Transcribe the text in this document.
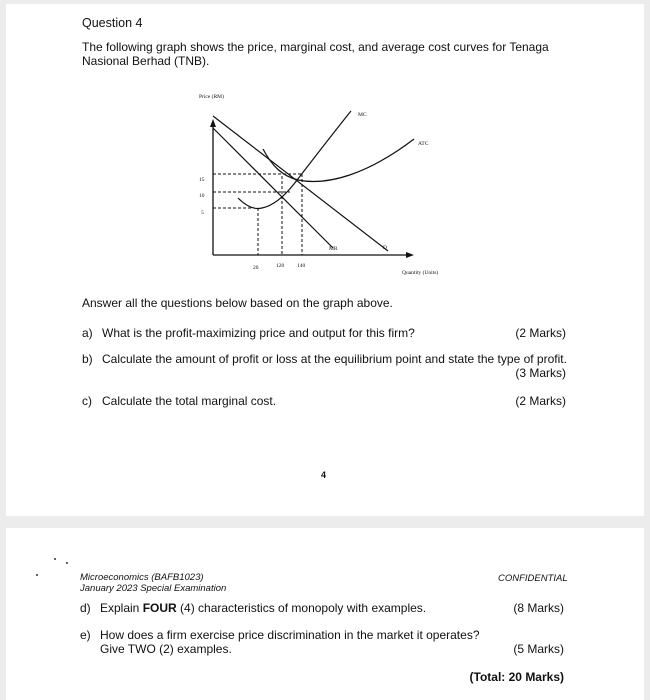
Question 4
The following graph shows the price, marginal cost, and average cost curves for Tenaga Nasional Berhad (TNB).
Price (RM)
Quantity (Units)
MC
ATC
MR	D
15
10
5
20	120 140
Answer all the questions below based on the graph above.
a) What is the profit-maximizing price and output for this firm?	(2 Marks)
b) Calculate the amount of profit or loss at the equilibrium point and state the type of profit.
(3 Marks)
c) Calculate the total marginal cost.	(2 Marks)
4
Microeconomics (BAFB1023)
January 2023 Special Examination
CONFIDENTIAL
d) Explain FOUR (4) characteristics of monopoly with examples.	(8 Marks)
e) How does a firm exercise price discrimination in the market it operates? Give TWO (2) examples.	(5 Marks)
(Total: 20 Marks)
